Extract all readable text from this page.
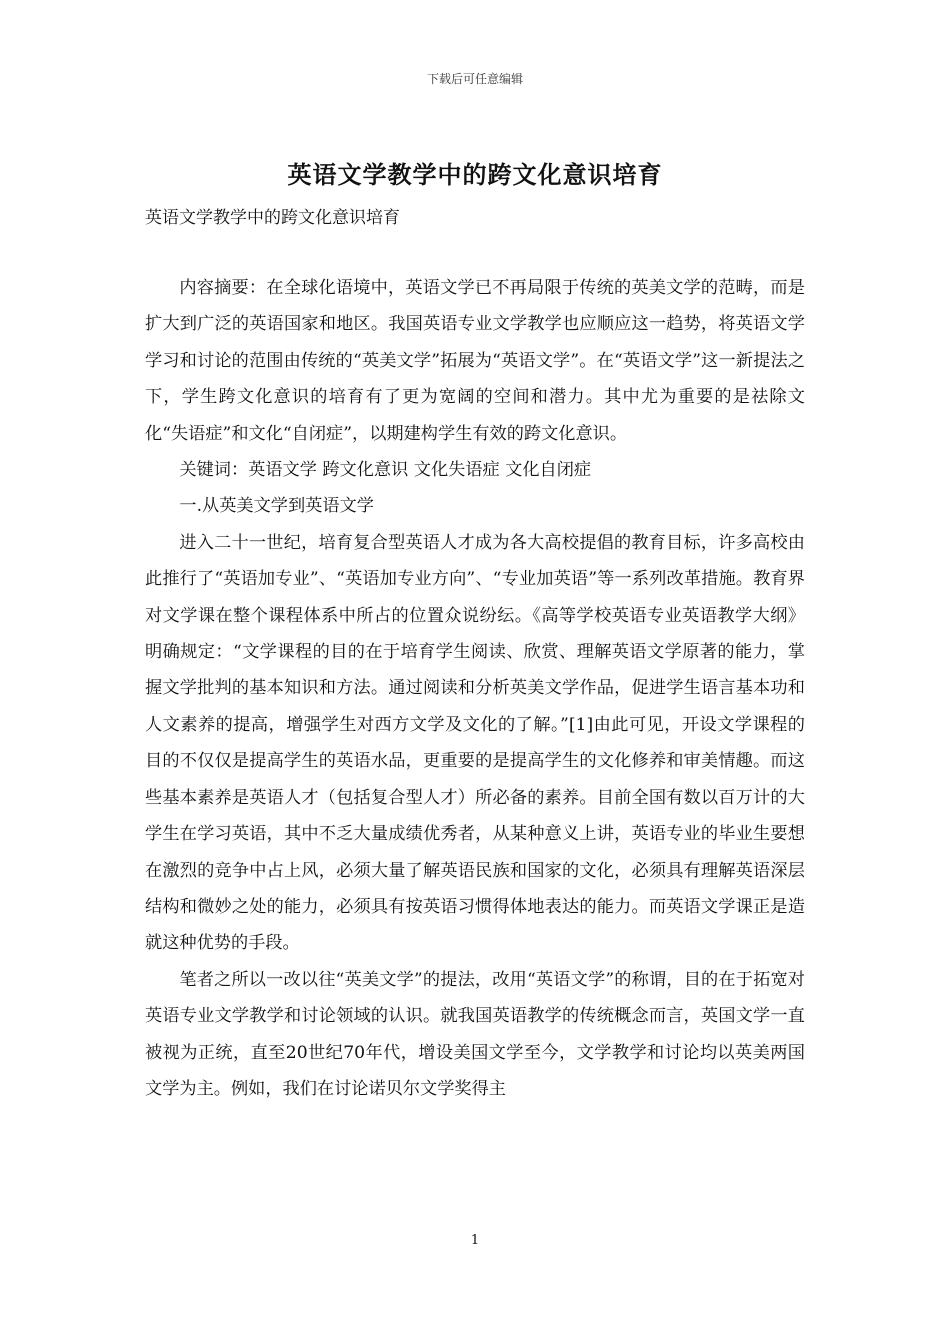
下载后可任意编辑
英语文学教学中的跨文化意识培育
英语文学教学中的跨文化意识培育

内容摘要：在全球化语境中，英语文学已不再局限于传统的英美文学的范畴，而是扩大到广泛的英语国家和地区。我国英语专业文学教学也应顺应这一趋势，将英语文学学习和讨论的范围由传统的“英美文学”拓展为“英语文学”。在“英语文学”这一新提法之下，学生跨文化意识的培育有了更为宽阔的空间和潜力。其中尤为重要的是祛除文化“失语症”和文化“自闭症”，以期建构学生有效的跨文化意识。

关键词：英语文学 跨文化意识 文化失语症 文化自闭症

一.从英美文学到英语文学

进入二十一世纪，培育复合型英语人才成为各大高校提倡的教育目标，许多高校由此推行了“英语加专业”、“英语加专业方向”、“专业加英语”等一系列改革措施。教育界对文学课在整个课程体系中所占的位置众说纷纭。《高等学校英语专业英语教学大纲》明确规定：“文学课程的目的在于培育学生阅读、欣赏、理解英语文学原著的能力，掌握文学批判的基本知识和方法。通过阅读和分析英美文学作品，促进学生语言基本功和人文素养的提高，增强学生对西方文学及文化的了解。”[1]由此可见，开设文学课程的目的不仅仅是提高学生的英语水品，更重要的是提高学生的文化修养和审美情趣。而这些基本素养是英语人才（包括复合型人才）所必备的素养。目前全国有数以百万计的大学生在学习英语，其中不乏大量成绩优秀者，从某种意义上讲，英语专业的毕业生要想在激烈的竞争中占上风，必须大量了解英语民族和国家的文化，必须具有理解英语深层结构和微妙之处的能力，必须具有按英语习惯得体地表达的能力。而英语文学课正是造就这种优势的手段。

笔者之所以一改以往“英美文学”的提法，改用“英语文学”的称谓，目的在于拓宽对英语专业文学教学和讨论领域的认识。就我国英语教学的传统概念而言，英国文学一直被视为正统，直至20世纪70年代，增设美国文学至今，文学教学和讨论均以英美两国文学为主。例如，我们在讨论诺贝尔文学奖得主

1
